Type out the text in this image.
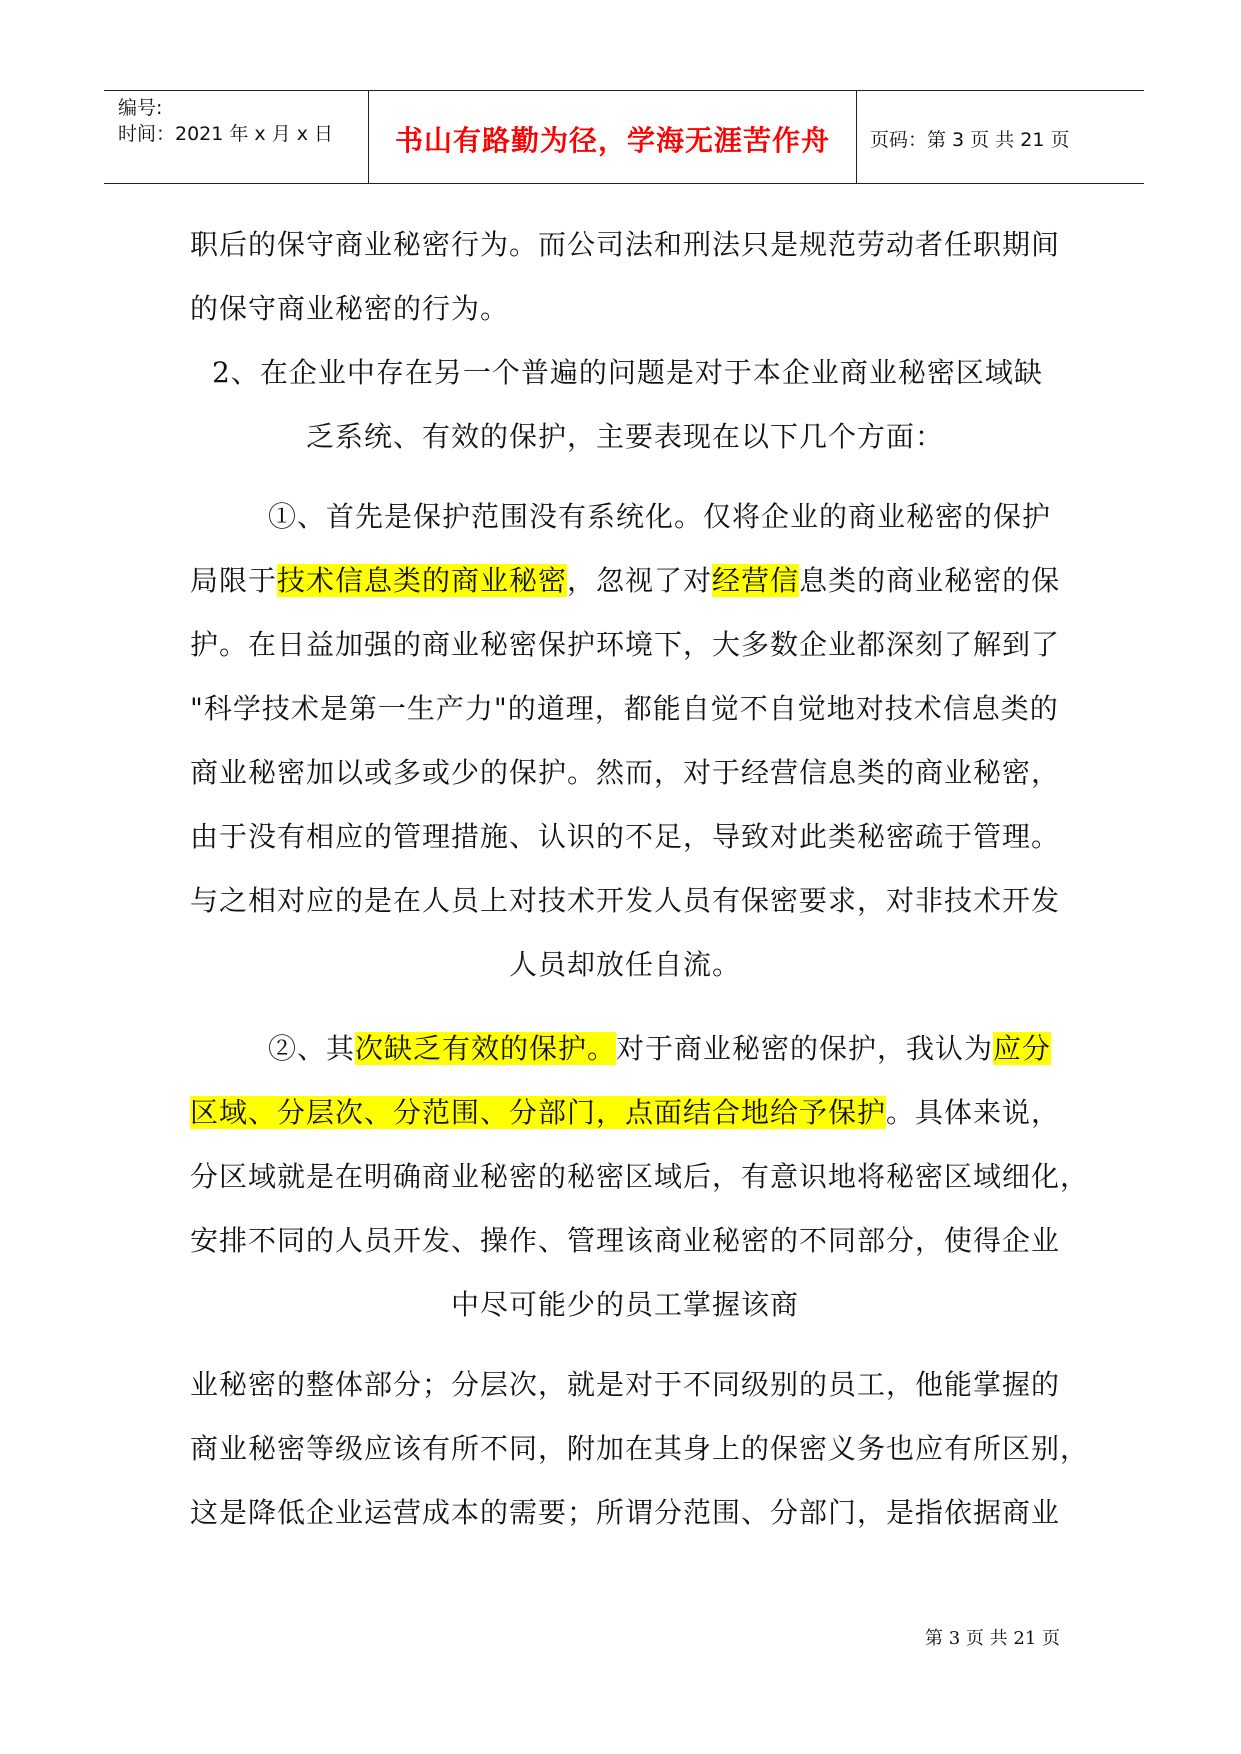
编号:
时间：2021 年 x 月 x 日	书山有路勤为径，学海无涯苦作舟	页码：第 3 页 共 21 页
职后的保守商业秘密行为。而公司法和刑法只是规范劳动者任职期间
的保守商业秘密的行为。
2、在企业中存在另一个普遍的问题是对于本企业商业秘密区域缺
乏系统、有效的保护，主要表现在以下几个方面：
①、首先是保护范围没有系统化。仅将企业的商业秘密的保护
局限于技术信息类的商业秘密，忽视了对经营信息类的商业秘密的保
护。在日益加强的商业秘密保护环境下，大多数企业都深刻了解到了
"科学技术是第一生产力"的道理，都能自觉不自觉地对技术信息类的
商业秘密加以或多或少的保护。然而，对于经营信息类的商业秘密，
由于没有相应的管理措施、认识的不足，导致对此类秘密疏于管理。
与之相对应的是在人员上对技术开发人员有保密要求，对非技术开发
人员却放任自流。
②、其次缺乏有效的保护。对于商业秘密的保护，我认为应分
区域、分层次、分范围、分部门，点面结合地给予保护。具体来说，
分区域就是在明确商业秘密的秘密区域后，有意识地将秘密区域细化，
安排不同的人员开发、操作、管理该商业秘密的不同部分，使得企业
中尽可能少的员工掌握该商
业秘密的整体部分；分层次，就是对于不同级别的员工，他能掌握的
商业秘密等级应该有所不同，附加在其身上的保密义务也应有所区别，
这是降低企业运营成本的需要；所谓分范围、分部门，是指依据商业
第 3 页 共 21 页
